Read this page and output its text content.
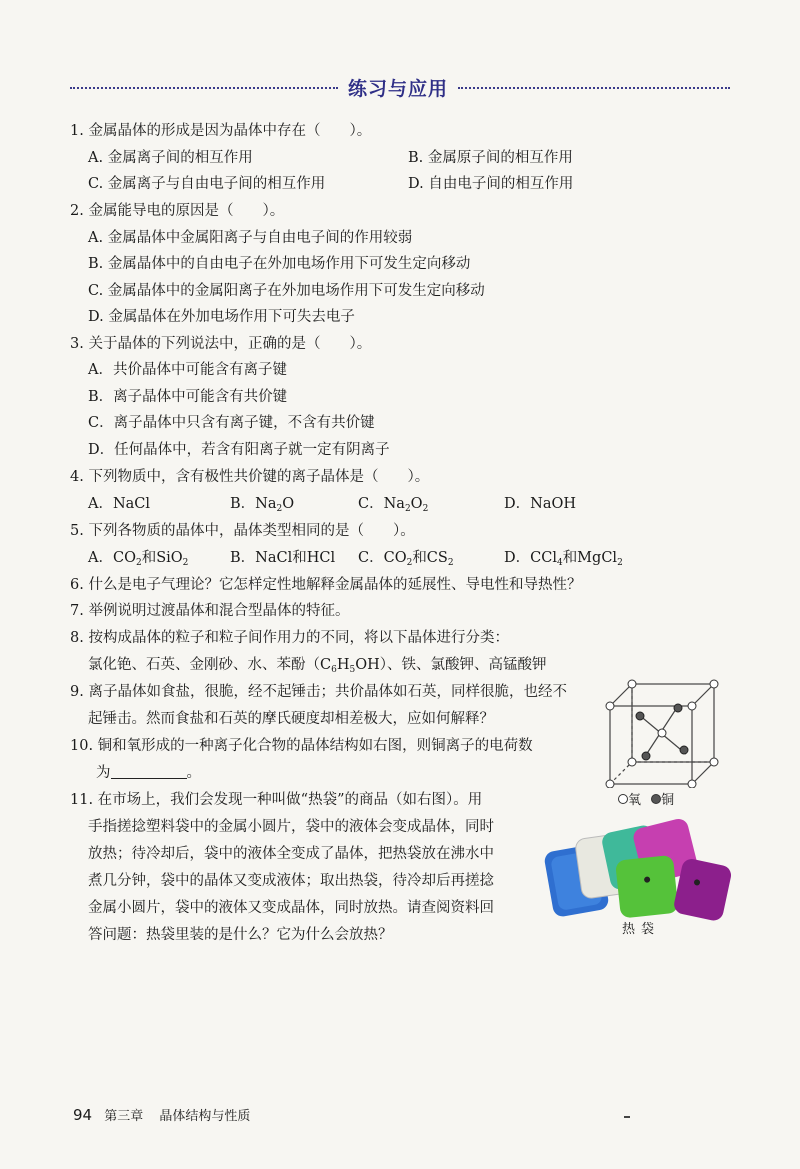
练习与应用
1. 金属晶体的形成是因为晶体中存在（　　）。
A. 金属离子间的相互作用	B. 金属原子间的相互作用
C. 金属离子与自由电子间的相互作用	D. 自由电子间的相互作用
2. 金属能导电的原因是（　　）。
A. 金属晶体中金属阳离子与自由电子间的作用较弱
B. 金属晶体中的自由电子在外加电场作用下可发生定向移动
C. 金属晶体中的金属阳离子在外加电场作用下可发生定向移动
D. 金属晶体在外加电场作用下可失去电子
3. 关于晶体的下列说法中，正确的是（　　）。
A．共价晶体中可能含有离子键
B．离子晶体中可能含有共价键
C．离子晶体中只含有离子键，不含有共价键
D．任何晶体中，若含有阳离子就一定有阴离子
4. 下列物质中，含有极性共价键的离子晶体是（　　）。
A．NaCl	B．$Na_2O$	C．$Na_2O_2$	D．NaOH
5. 下列各物质的晶体中，晶体类型相同的是（　　）。
A．$CO_2$和SiO$_2$	B．NaCl和HCl C．$CO_2$和$CS_2$	D．CCl$_4$和MgCl$_2$
6. 什么是电子气理论？它怎样定性地解释金属晶体的延展性、导电性和导热性？
7. 举例说明过渡晶体和混合型晶体的特征。
8. 按构成晶体的粒子和粒子间作用力的不同，将以下晶体进行分类：
氯化铯、石英、金刚砂、水、苯酚$(C_6H_5OH)$、铁、氯酸钾、高锰酸钾
9. 离子晶体如食盐，很脆，经不起锤击；共价晶体如石英，同样很脆，也经不
起锤击。然而食盐和石英的摩氏硬度却相差极大，应如何解释？
10. 铜和氧形成的一种离子化合物的晶体结构如右图，则铜离子的电荷数
为	。
11. 在市场上，我们会发现一种叫做“热袋”的商品（如右图）。用
手指搓捻塑料袋中的金属小圆片，袋中的液体会变成晶体，同时
放热；待冷却后，袋中的液体全变成了晶体，把热袋放在沸水中
煮几分钟，袋中的晶体又变成液体；取出热袋，待冷却后再搓捻
金属小圆片，袋中的液体又变成晶体，同时放热。请查阅资料回
答问题：热袋里装的是什么？它为什么会放热？
氧 铜
热袋
94 第三章 晶体结构与性质
